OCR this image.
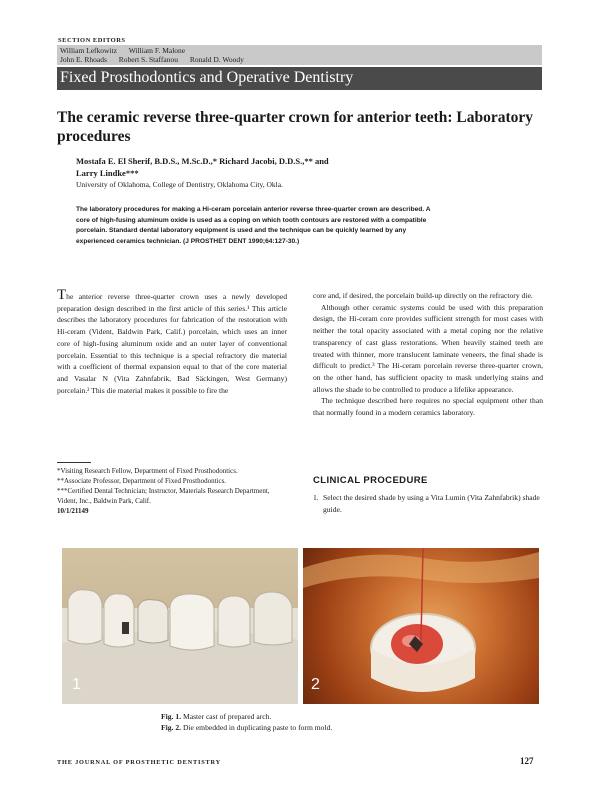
SECTION EDITORS
William Lefkowitz William F. Malone
John E. Rhoads Robert S. Staffanou Ronald D. Woody
Fixed Prosthodontics and Operative Dentistry
The ceramic reverse three-quarter crown for anterior teeth: Laboratory procedures
Mostafa E. El Sherif, B.D.S., M.Sc.D.,* Richard Jacobi, D.D.S.,** and
Larry Lindke***
University of Oklahoma, College of Dentistry, Oklahoma City, Okla.
The laboratory procedures for making a Hi-ceram porcelain anterior reverse three-quarter crown are described. A core of high-fusing aluminum oxide is used as a coping on which tooth contours are restored with a compatible porcelain. Standard dental laboratory equipment is used and the technique can be quickly learned by any experienced ceramics technician. (J PROSTHET DENT 1990;64:127-30.)

The anterior reverse three-quarter crown uses a newly developed preparation design described in the first article of this series.¹ This article describes the laboratory procedures for fabrication of the restoration with Hi-ceram (Vident, Baldwin Park, Calif.) porcelain, which uses an inner core of high-fusing aluminum oxide and an outer layer of conventional porcelain. Essential to this technique is a special refractory die material with a coefficient of thermal expansion equal to that of the core material and Vasalar N (Vita Zahnfabrik, Bad Säckingen, West Germany) porcelain.² This die material makes it possible to fire the

*Visiting Research Fellow, Department of Fixed Prosthodontics.
**Associate Professor, Department of Fixed Prosthodontics.
***Certified Dental Technician; Instructor, Materials Research Department, Vident, Inc., Baldwin Park, Calif.
10/1/21149

core and, if desired, the porcelain build-up directly on the refractory die.

Although other ceramic systems could be used with this preparation design, the Hi-ceram core provides sufficient strength for most cases with neither the total opacity associated with a metal coping nor the relative transparency of cast glass restorations. When heavily stained teeth are treated with thinner, more translucent laminate veneers, the final shade is difficult to predict.³ The Hi-ceram porcelain reverse three-quarter crown, on the other hand, has sufficient opacity to mask underlying stains and allows the shade to be controlled to produce a lifelike appearance.

The technique described here requires no special equipment other than that normally found in a modern ceramics laboratory.

CLINICAL PROCEDURE
1. Select the desired shade by using a Vita Lumin (Vita Zahnfabrik) shade guide.
1	2
Fig. 1. Master cast of prepared arch.
Fig. 2. Die embedded in duplicating paste to form mold.
THE JOURNAL OF PROSTHETIC DENTISTRY	127
